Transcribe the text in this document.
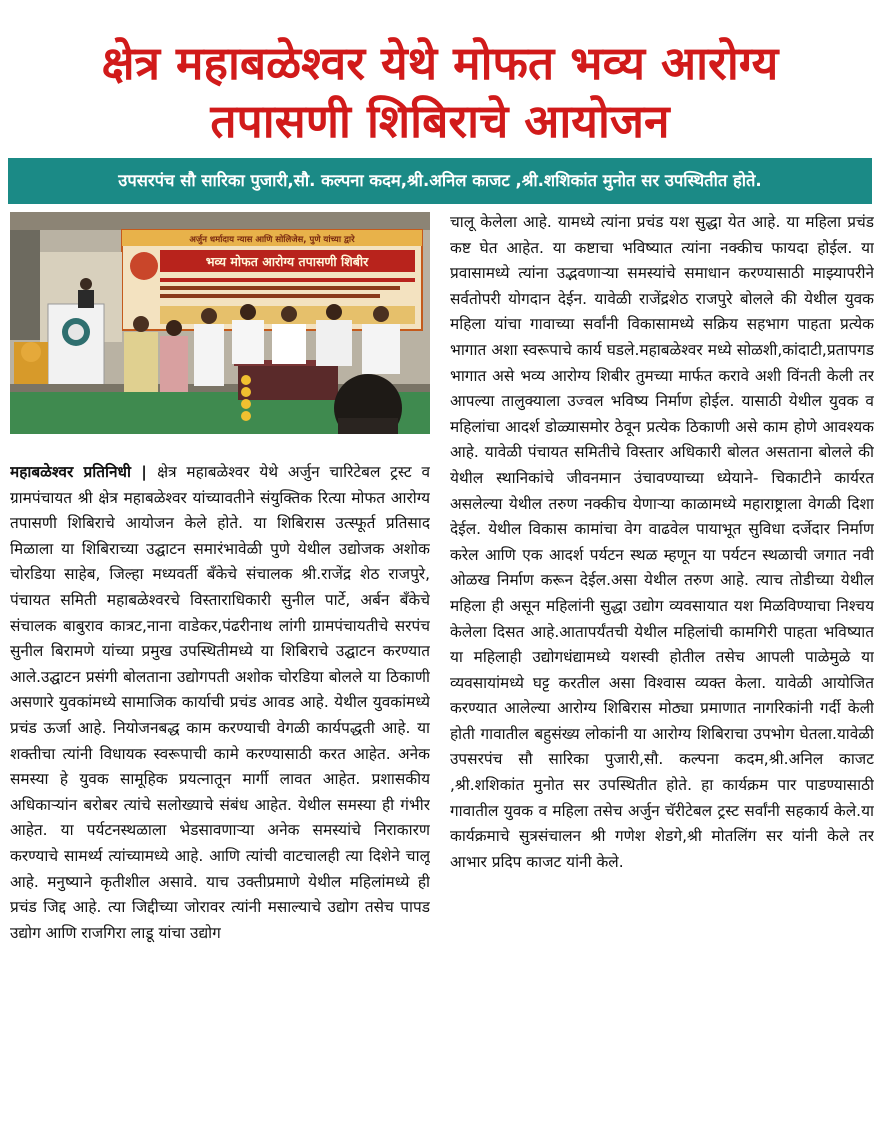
क्षेत्र महाबळेश्वर येथे मोफत भव्य आरोग्य
तपासणी शिबिराचे आयोजन
उपसरपंच सौ सारिका पुजारी,सौ. कल्पना कदम,श्री.अनिल काजट ,श्री.शशिकांत मुनोत सर उपस्थितीत होते.
अर्जुन धर्मादाय न्यास आणि सोलिजेस, पुणे यांच्या द्वारे
भव्य मोफत आरोग्य तपासणी शिबीर
महाबळेश्वर प्रतिनिधी | क्षेत्र महाबळेश्वर येथे अर्जुन चारिटेबल ट्रस्ट व ग्रामपंचायत श्री क्षेत्र महाबळेश्वर यांच्यावतीने संयुक्तिक रित्या मोफत आरोग्य तपासणी शिबिराचे आयोजन केले होते. या शिबिरास उत्स्फूर्त प्रतिसाद मिळाला या शिबिराच्या उद्घाटन समारंभावेळी पुणे येथील उद्योजक अशोक चोरडिया साहेब, जिल्हा मध्यवर्ती बँकेचे संचालक श्री.राजेंद्र शेठ राजपुरे, पंचायत समिती महाबळेश्वरचे विस्ताराधिकारी सुनील पार्टे, अर्बन बँकेचे संचालक बाबुराव कात्रट,नाना वाडेकर,पंढरीनाथ लांगी ग्रामपंचायतीचे सरपंच सुनील बिरामणे यांच्या प्रमुख उपस्थितीमध्ये या शिबिराचे उद्घाटन करण्यात आले.उद्घाटन प्रसंगी बोलताना उद्योगपती अशोक चोरडिया बोलले या ठिकाणी असणारे युवकांमध्ये सामाजिक कार्याची प्रचंड आवड आहे. येथील युवकांमध्ये प्रचंड ऊर्जा आहे. नियोजनबद्ध काम करण्याची वेगळी कार्यपद्धती आहे. या शक्तीचा त्यांनी विधायक स्वरूपाची कामे करण्यासाठी करत आहेत. अनेक समस्या हे युवक सामूहिक प्रयत्नातून मार्गी लावत आहेत. प्रशासकीय अधिकाऱ्यांन बरोबर त्यांचे सलोख्याचे संबंध आहेत. येथील समस्या ही गंभीर आहेत. या पर्यटनस्थळाला भेडसावणाऱ्या अनेक समस्यांचे निराकारण करण्याचे सामर्थ्य त्यांच्यामध्ये आहे. आणि त्यांची वाटचालही त्या दिशेने चालू आहे. मनुष्याने कृतीशील असावे. याच उक्तीप्रमाणे येथील महिलांमध्ये ही प्रचंड जिद्द आहे. त्या जिद्दीच्या जोरावर त्यांनी मसाल्याचे उद्योग तसेच पापड उद्योग आणि राजगिरा लाडू यांचा उद्योग
चालू केलेला आहे. यामध्ये त्यांना प्रचंड यश सुद्धा येत आहे. या महिला प्रचंड कष्ट घेत आहेत. या कष्टाचा भविष्यात त्यांना नक्कीच फायदा होईल. या प्रवासामध्ये त्यांना उद्भवणाऱ्या समस्यांचे समाधान करण्यासाठी माझ्यापरीने सर्वतोपरी योगदान देईन. यावेळी राजेंद्रशेठ राजपुरे बोलले की येथील युवक महिला यांचा गावाच्या सर्वांनी विकासामध्ये सक्रिय सहभाग पाहता प्रत्येक भागात अशा स्वरूपाचे कार्य घडले.महाबळेश्वर मध्ये सोळशी,कांदाटी,प्रतापगड भागात असे भव्य आरोग्य शिबीर तुमच्या मार्फत करावे अशी विंनती केली तर आपल्या तालुक्याला उज्वल भविष्य निर्माण होईल. यासाठी येथील युवक व महिलांचा आदर्श डोळ्यासमोर ठेवून प्रत्येक ठिकाणी असे काम होणे आवश्यक आहे. यावेळी पंचायत समितीचे विस्तार अधिकारी बोलत असताना बोलले की येथील स्थानिकांचे जीवनमान उंचावण्याच्या ध्येयाने- चिकाटीने कार्यरत असलेल्या येथील तरुण नक्कीच येणाऱ्या काळामध्ये महाराष्ट्राला वेगळी दिशा देईल. येथील विकास कामांचा वेग वाढवेल पायाभूत सुविधा दर्जेदार निर्माण करेल आणि एक आदर्श पर्यटन स्थळ म्हणून या पर्यटन स्थळाची जगात नवी ओळख निर्माण करून देईल.असा येथील तरुण आहे. त्याच तोडीच्या येथील महिला ही असून महिलांनी सुद्धा उद्योग व्यवसायात यश मिळविण्याचा निश्चय केलेला दिसत आहे.आतापर्यंतची येथील महिलांची कामगिरी पाहता भविष्यात या महिलाही उद्योगधंद्यामध्ये यशस्वी होतील तसेच आपली पाळेमुळे या व्यवसायांमध्ये घट्ट करतील असा विश्वास व्यक्त केला. यावेळी आयोजित करण्यात आलेल्या आरोग्य शिबिरास मोठ्या प्रमाणात नागरिकांनी गर्दी केली होती गावातील बहुसंख्य लोकांनी या आरोग्य शिबिराचा उपभोग घेतला.यावेळी उपसरपंच सौ सारिका पुजारी,सौ. कल्पना कदम,श्री.अनिल काजट ,श्री.शशिकांत मुनोत सर उपस्थितीत होते. हा कार्यक्रम पार पाडण्यासाठी गावातील युवक व महिला तसेच अर्जुन चॅरीटेबल ट्रस्ट सर्वांनी सहकार्य केले.या कार्यक्रमाचे सुत्रसंचालन श्री गणेश शेडगे,श्री मोतलिंग सर यांनी केले तर आभार प्रदिप काजट यांनी केले.
